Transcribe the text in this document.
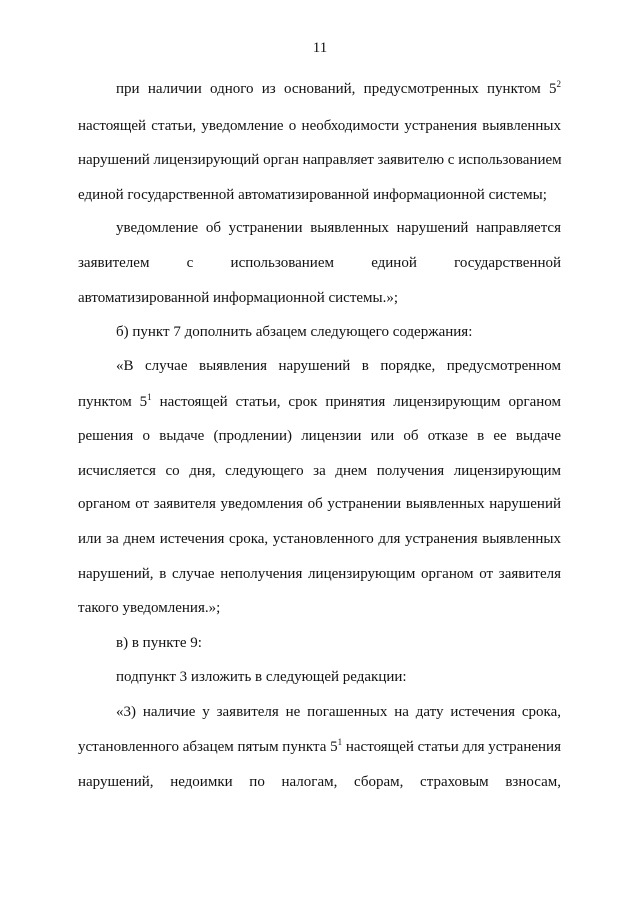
11
при наличии одного из оснований, предусмотренных пунктом $5^2$
настоящей статьи, уведомление о необходимости устранения выявленных
нарушений лицензирующий орган направляет заявителю с использованием
единой государственной автоматизированной информационной системы;
уведомление об устранении выявленных нарушений направляется
заявителем с использованием единой государственной
автоматизированной информационной системы.»;
б) пункт 7 дополнить абзацем следующего содержания:
«В случае выявления нарушений в порядке, предусмотренном
пунктом $5^1$ настоящей статьи, срок принятия лицензирующим органом
решения о выдаче (продлении) лицензии или об отказе в ее выдаче
исчисляется со дня, следующего за днем получения лицензирующим
органом от заявителя уведомления об устранении выявленных нарушений
или за днем истечения срока, установленного для устранения выявленных
нарушений, в случае неполучения лицензирующим органом от заявителя
такого уведомления.»;
в) в пункте 9:
подпункт 3 изложить в следующей редакции:
«3) наличие у заявителя не погашенных на дату истечения срока,
установленного абзацем пятым пункта $5^1$ настоящей статьи для устранения
нарушений, недоимки по налогам, сборам, страховым взносам,
